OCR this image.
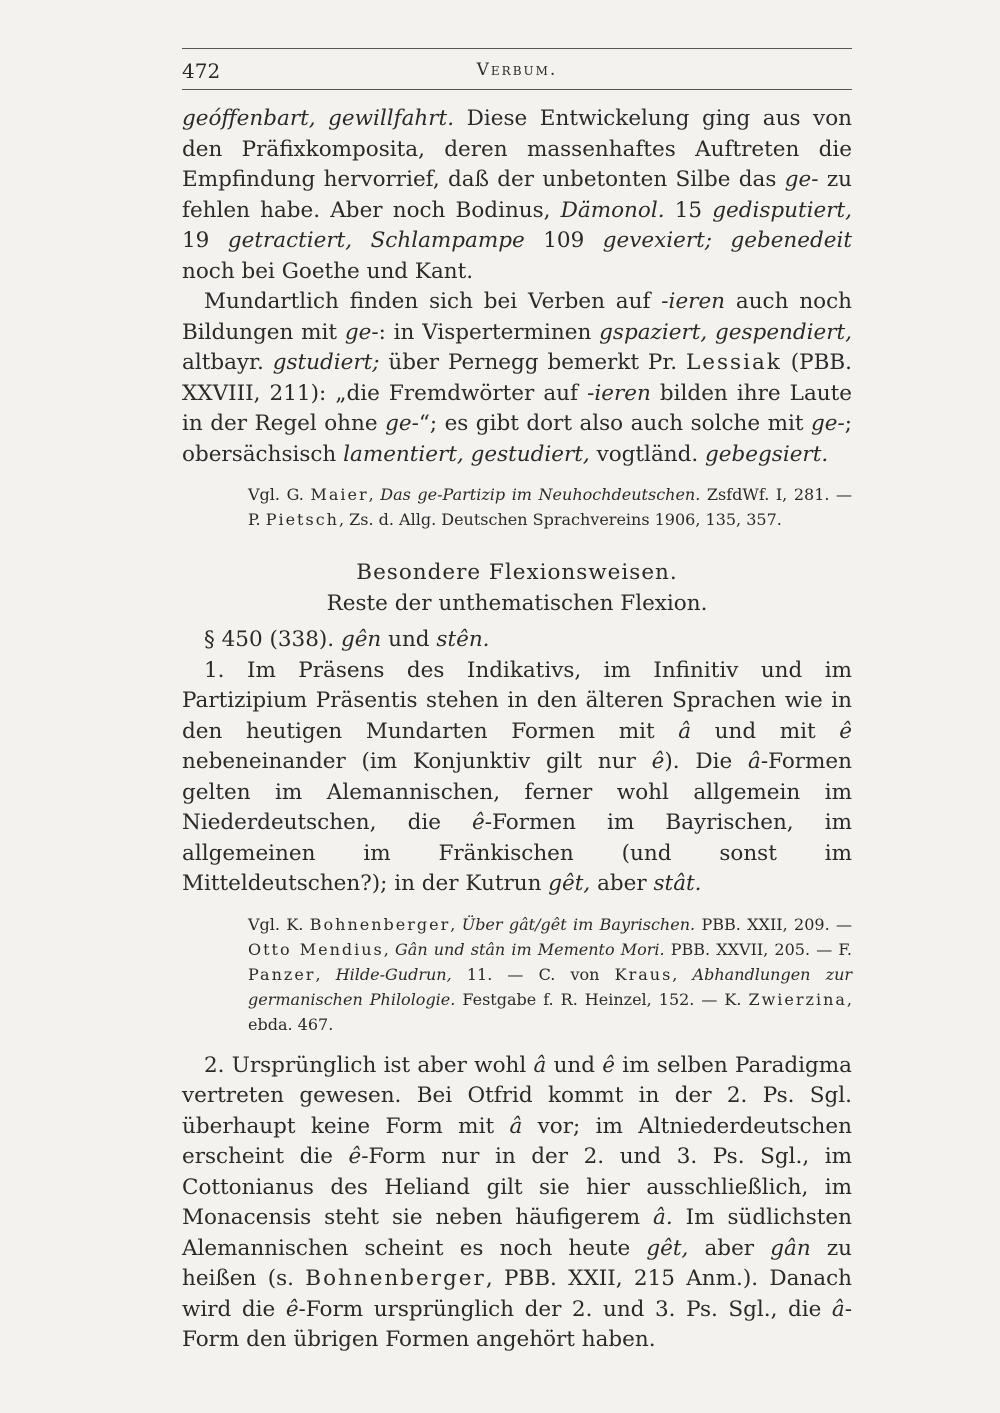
472	Verbum.

geóffenbart, gewillfahrt. Diese Entwickelung ging aus von den Präfixkomposita, deren massenhaftes Auftreten die Empfindung hervorrief, daß der unbetonten Silbe das ge- zu fehlen habe. Aber noch Bodinus, Dämonol. 15 gedisputiert, 19 getractiert, Schlampampe 109 gevexiert; gebenedeit noch bei Goethe und Kant.

Mundartlich finden sich bei Verben auf -ieren auch noch Bildungen mit ge-: in Visperterminen gspaziert, gespendiert, altbayr. gstudiert; über Pernegg bemerkt Pr. Lessiak (PBB. XXVIII, 211): „die Fremdwörter auf -ieren bilden ihre Laute in der Regel ohne ge-“; es gibt dort also auch solche mit ge-; obersächsisch lamentiert, gestudiert, vogtländ. gebegsiert.

Vgl. G. Maier, Das ge-Partizip im Neuhochdeutschen. ZsfdWf. I, 281. — P. Pietsch, Zs. d. Allg. Deutschen Sprachvereins 1906, 135, 357.

Besondere Flexionsweisen.

Reste der unthematischen Flexion.

§ 450 (338). gên und stên.

1. Im Präsens des Indikativs, im Infinitiv und im Partizipium Präsentis stehen in den älteren Sprachen wie in den heutigen Mundarten Formen mit â und mit ê nebeneinander (im Konjunktiv gilt nur ê). Die â-Formen gelten im Alemannischen, ferner wohl allgemein im Niederdeutschen, die ê-Formen im Bayrischen, im allgemeinen im Fränkischen (und sonst im Mitteldeutschen?); in der Kutrun gêt, aber stât.

Vgl. K. Bohnenberger, Über gât/gêt im Bayrischen. PBB. XXII, 209. — Otto Mendius, Gân und stân im Memento Mori. PBB. XXVII, 205. — F. Panzer, Hilde-Gudrun, 11. — C. von Kraus, Abhandlungen zur germanischen Philologie. Festgabe f. R. Heinzel, 152. — K. Zwierzina, ebda. 467.

2. Ursprünglich ist aber wohl â und ê im selben Paradigma vertreten gewesen. Bei Otfrid kommt in der 2. Ps. Sgl. überhaupt keine Form mit â vor; im Altniederdeutschen erscheint die ê-Form nur in der 2. und 3. Ps. Sgl., im Cottonianus des Heliand gilt sie hier ausschließlich, im Monacensis steht sie neben häufigerem â. Im südlichsten Alemannischen scheint es noch heute gêt, aber gân zu heißen (s. Bohnenberger, PBB. XXII, 215 Anm.). Danach wird die ê-Form ursprünglich der 2. und 3. Ps. Sgl., die â-Form den übrigen Formen angehört haben.
